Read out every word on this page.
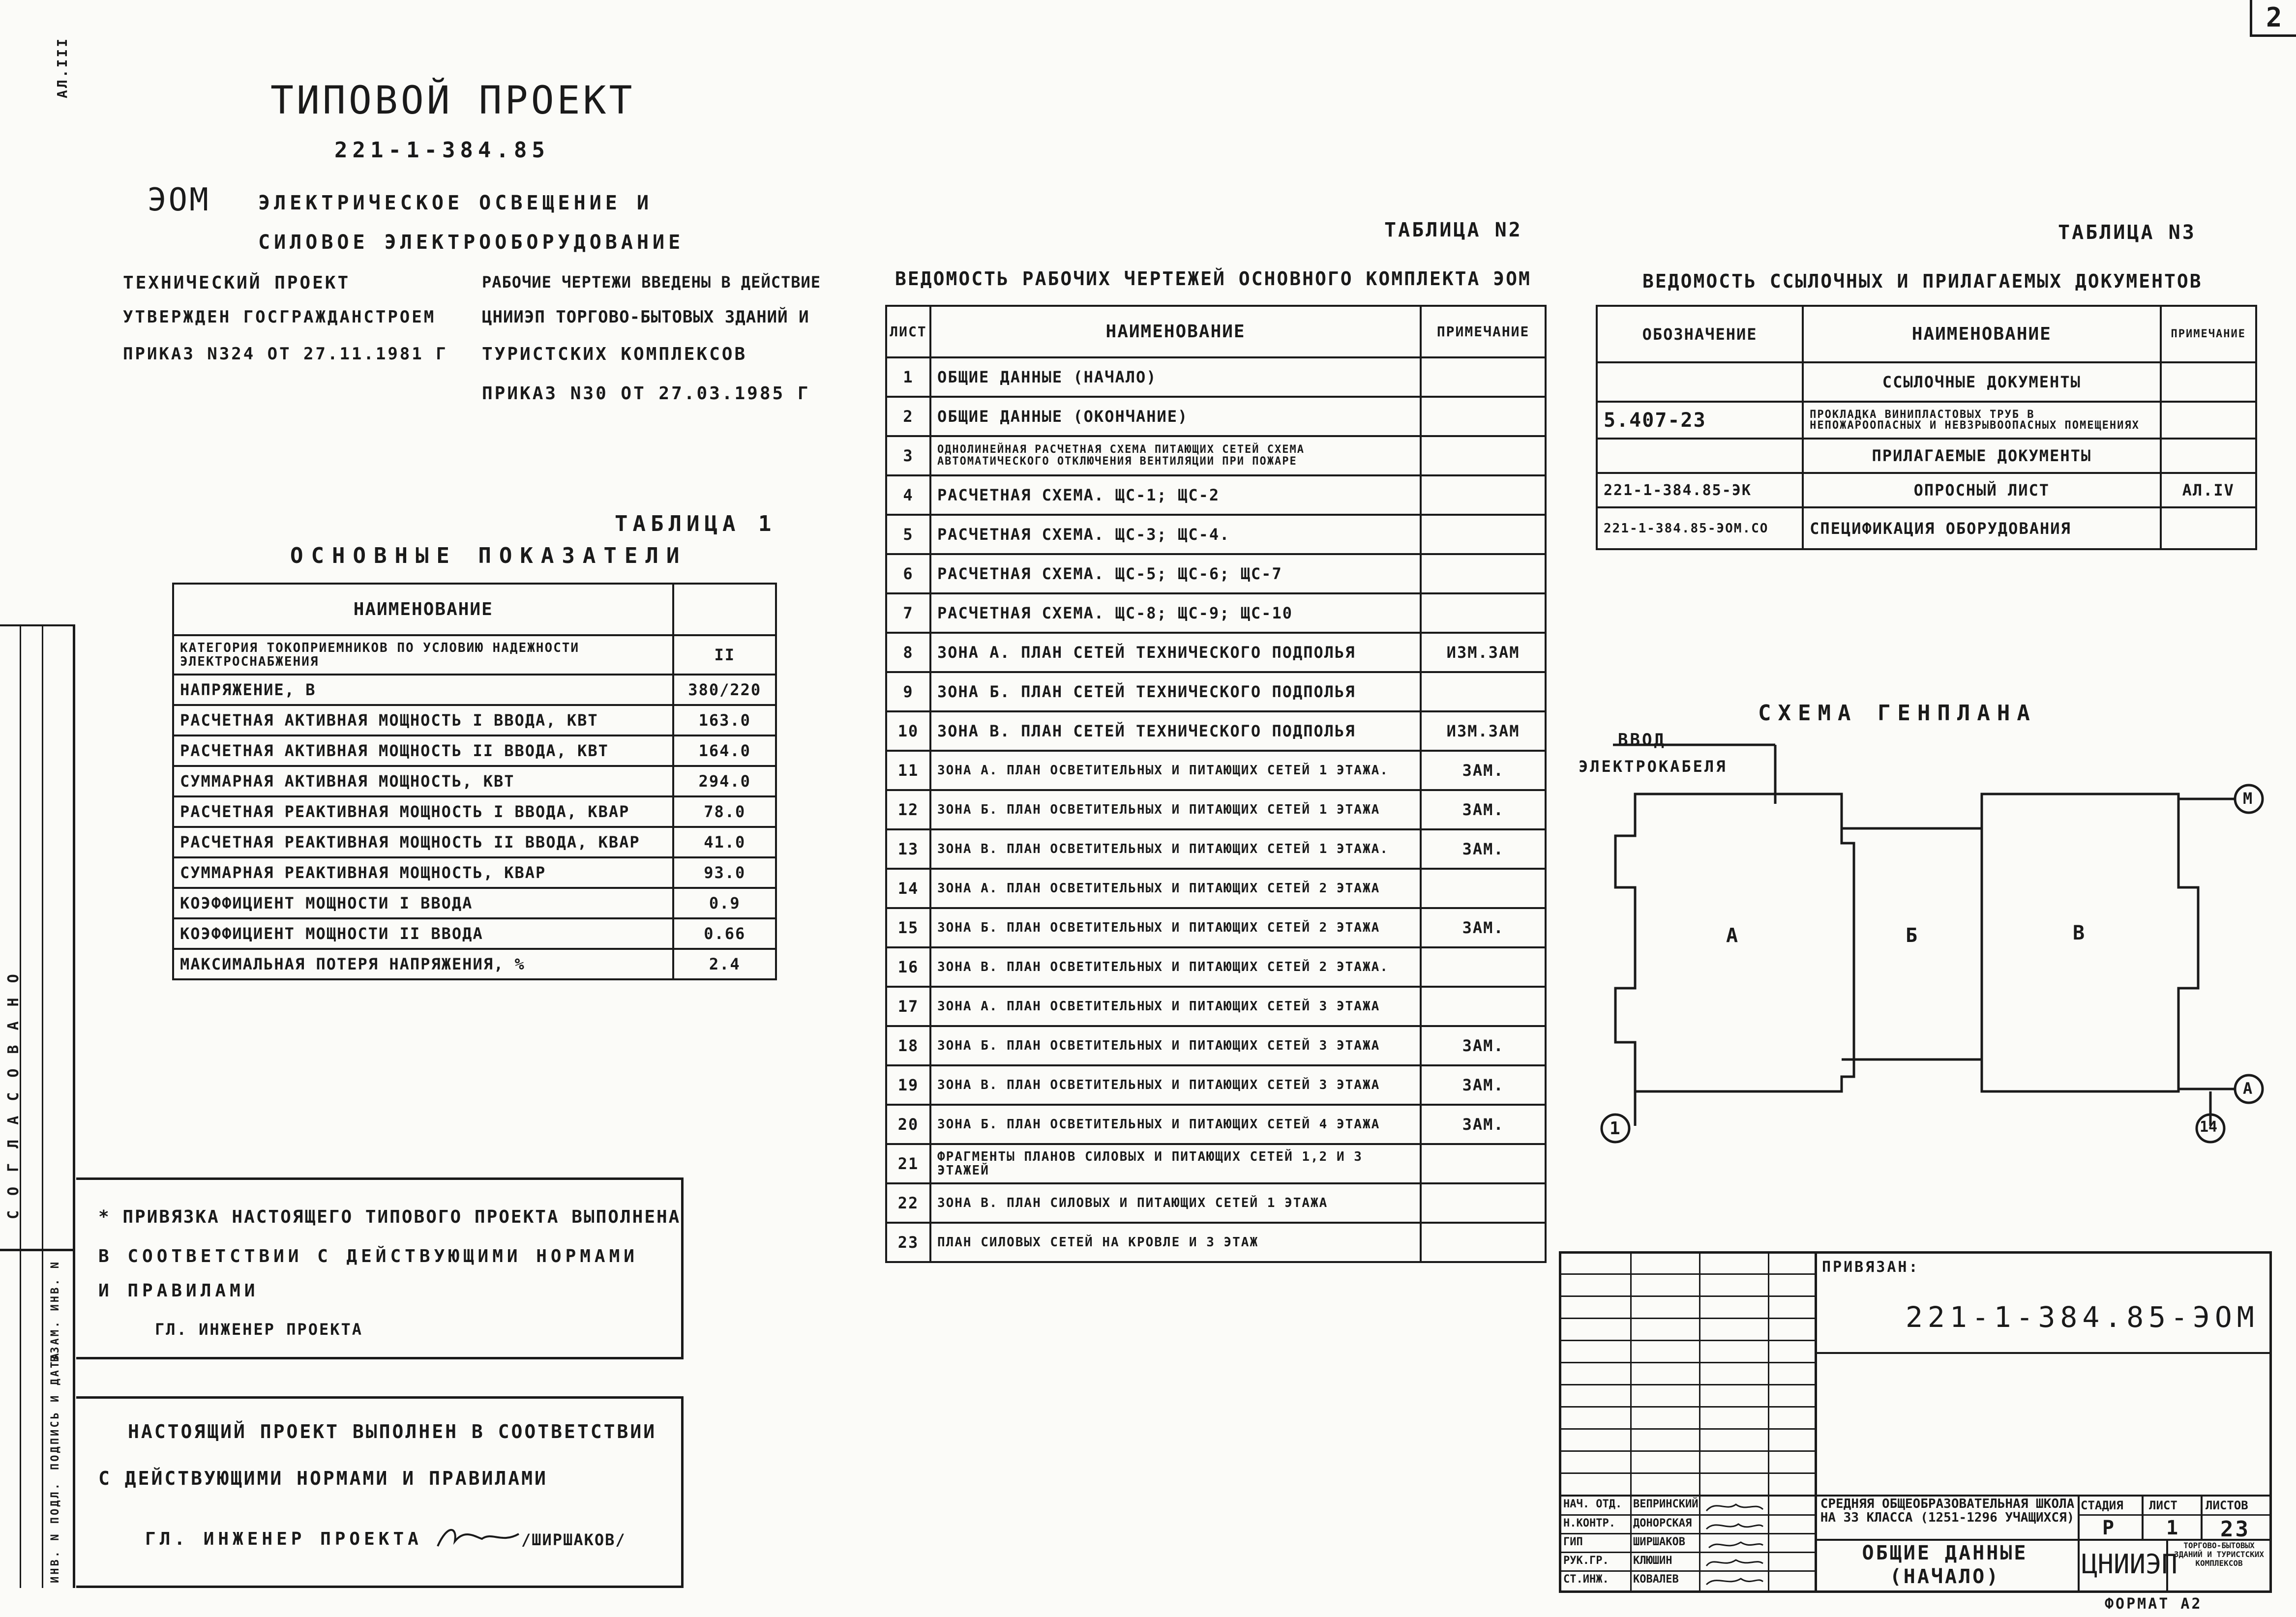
2
АЛ.III
СОГЛАСОВАНО
ИНВ. N ПОДЛ.
ПОДПИСЬ И ДАТА
ВЗАМ. ИНВ. N
ТИПОВОЙ ПРОЕКТ
221-1-384.85
ЭОМ ЭЛЕКТРИЧЕСКОЕ ОСВЕЩЕНИЕ И
СИЛОВОЕ ЭЛЕКТРООБОРУДОВАНИЕ
ТЕХНИЧЕСКИЙ ПРОЕКТ
УТВЕРЖДЕН ГОСГРАЖДАНСТРОЕМ
ПРИКАЗ N324 ОТ 27.11.1981 Г
РАБОЧИЕ ЧЕРТЕЖИ ВВЕДЕНЫ В ДЕЙСТВИЕ
ЦНИИЭП ТОРГОВО-БЫТОВЫХ ЗДАНИЙ И
ТУРИСТСКИХ КОМПЛЕКСОВ
ПРИКАЗ N30 ОТ 27.03.1985 Г
ТАБЛИЦА 1
ОСНОВНЫЕ ПОКАЗАТЕЛИ
НАИМЕНОВАНИЕ	
КАТЕГОРИЯ ТОКОПРИЕМНИКОВ ПО УСЛОВИЮ НАДЕЖНОСТИ ЭЛЕКТРОСНАБЖЕНИЯ	II
НАПРЯЖЕНИЕ, В	380/220
РАСЧЕТНАЯ АКТИВНАЯ МОЩНОСТЬ I ВВОДА, КВТ	163.0
РАСЧЕТНАЯ АКТИВНАЯ МОЩНОСТЬ II ВВОДА, КВТ	164.0
СУММАРНАЯ АКТИВНАЯ МОЩНОСТЬ, КВТ	294.0
РАСЧЕТНАЯ РЕАКТИВНАЯ МОЩНОСТЬ I ВВОДА, КВАР	78.0
РАСЧЕТНАЯ РЕАКТИВНАЯ МОЩНОСТЬ II ВВОДА, КВАР	41.0
СУММАРНАЯ РЕАКТИВНАЯ МОЩНОСТЬ, КВАР	93.0
КОЭФФИЦИЕНТ МОЩНОСТИ I ВВОДА	0.9
КОЭФФИЦИЕНТ МОЩНОСТИ II ВВОДА	0.66
МАКСИМАЛЬНАЯ ПОТЕРЯ НАПРЯЖЕНИЯ, %	2.4
ТАБЛИЦА N2
ВЕДОМОСТЬ РАБОЧИХ ЧЕРТЕЖЕЙ ОСНОВНОГО КОМПЛЕКТА ЭОМ
ЛИСТ	НАИМЕНОВАНИЕ	ПРИМЕЧАНИЕ
1	ОБЩИЕ ДАННЫЕ (НАЧАЛО)	
2	ОБЩИЕ ДАННЫЕ (ОКОНЧАНИЕ)	
3	ОДНОЛИНЕЙНАЯ РАСЧЕТНАЯ СХЕМА ПИТАЮЩИХ СЕТЕЙ СХЕМА АВТОМАТИЧЕСКОГО ОТКЛЮЧЕНИЯ ВЕНТИЛЯЦИИ ПРИ ПОЖАРЕ	
4	РАСЧЕТНАЯ СХЕМА. ЩС-1; ЩС-2	
5	РАСЧЕТНАЯ СХЕМА. ЩС-3; ЩС-4.	
6	РАСЧЕТНАЯ СХЕМА. ЩС-5; ЩС-6; ЩС-7	
7	РАСЧЕТНАЯ СХЕМА. ЩС-8; ЩС-9; ЩС-10	
8	ЗОНА А. ПЛАН СЕТЕЙ ТЕХНИЧЕСКОГО ПОДПОЛЬЯ	ИЗМ.ЗАМ
9	ЗОНА Б. ПЛАН СЕТЕЙ ТЕХНИЧЕСКОГО ПОДПОЛЬЯ	
10	ЗОНА В. ПЛАН СЕТЕЙ ТЕХНИЧЕСКОГО ПОДПОЛЬЯ	ИЗМ.ЗАМ
11	ЗОНА А. ПЛАН ОСВЕТИТЕЛЬНЫХ И ПИТАЮЩИХ СЕТЕЙ 1 ЭТАЖА.	ЗАМ.
12	ЗОНА Б. ПЛАН ОСВЕТИТЕЛЬНЫХ И ПИТАЮЩИХ СЕТЕЙ 1 ЭТАЖА	ЗАМ.
13	ЗОНА В. ПЛАН ОСВЕТИТЕЛЬНЫХ И ПИТАЮЩИХ СЕТЕЙ 1 ЭТАЖА.	ЗАМ.
14	ЗОНА А. ПЛАН ОСВЕТИТЕЛЬНЫХ И ПИТАЮЩИХ СЕТЕЙ 2 ЭТАЖА	
15	ЗОНА Б. ПЛАН ОСВЕТИТЕЛЬНЫХ И ПИТАЮЩИХ СЕТЕЙ 2 ЭТАЖА	ЗАМ.
16	ЗОНА В. ПЛАН ОСВЕТИТЕЛЬНЫХ И ПИТАЮЩИХ СЕТЕЙ 2 ЭТАЖА.	
17	ЗОНА А. ПЛАН ОСВЕТИТЕЛЬНЫХ И ПИТАЮЩИХ СЕТЕЙ 3 ЭТАЖА	
18	ЗОНА Б. ПЛАН ОСВЕТИТЕЛЬНЫХ И ПИТАЮЩИХ СЕТЕЙ 3 ЭТАЖА	ЗАМ.
19	ЗОНА В. ПЛАН ОСВЕТИТЕЛЬНЫХ И ПИТАЮЩИХ СЕТЕЙ 3 ЭТАЖА	ЗАМ.
20	ЗОНА Б. ПЛАН ОСВЕТИТЕЛЬНЫХ И ПИТАЮЩИХ СЕТЕЙ 4 ЭТАЖА	ЗАМ.
21	ФРАГМЕНТЫ ПЛАНОВ СИЛОВЫХ И ПИТАЮЩИХ СЕТЕЙ 1,2 И 3 ЭТАЖЕЙ	
22	ЗОНА В. ПЛАН СИЛОВЫХ И ПИТАЮЩИХ СЕТЕЙ 1 ЭТАЖА	
23	ПЛАН СИЛОВЫХ СЕТЕЙ НА КРОВЛЕ И 3 ЭТАЖ	
ТАБЛИЦА N3
ВЕДОМОСТЬ ССЫЛОЧНЫХ И ПРИЛАГАЕМЫХ ДОКУМЕНТОВ
ОБОЗНАЧЕНИЕ	НАИМЕНОВАНИЕ	ПРИМЕЧАНИЕ
	ССЫЛОЧНЫЕ ДОКУМЕНТЫ	
5.407-23	ПРОКЛАДКА ВИНИПЛАСТОВЫХ ТРУБ В НЕПОЖАРООПАСНЫХ И НЕВЗРЫВООПАСНЫХ ПОМЕЩЕНИЯХ	
	ПРИЛАГАЕМЫЕ ДОКУМЕНТЫ	
221-1-384.85-ЭК	ОПРОСНЫЙ ЛИСТ	АЛ.IV
221-1-384.85-ЭОМ.СО	СПЕЦИФИКАЦИЯ ОБОРУДОВАНИЯ	
СХЕМА ГЕНПЛАНА
ВВОД
ЭЛЕКТРОКАБЕЛЯ
А	Б	В
1	14
М
А
* ПРИВЯЗКА НАСТОЯЩЕГО ТИПОВОГО ПРОЕКТА ВЫПОЛНЕНА
В СООТВЕТСТВИИ С ДЕЙСТВУЮЩИМИ НОРМАМИ
И ПРАВИЛАМИ
ГЛ. ИНЖЕНЕР ПРОЕКТА
НАСТОЯЩИЙ ПРОЕКТ ВЫПОЛНЕН В СООТВЕТСТВИИ
С ДЕЙСТВУЮЩИМИ НОРМАМИ И ПРАВИЛАМИ
ГЛ. ИНЖЕНЕР ПРОЕКТА	/ШИРШАКОВ/
ПРИВЯЗАН:
221-1-384.85-ЭОМ
СРЕДНЯЯ ОБЩЕОБРАЗОВАТЕЛЬНАЯ ШКОЛА НА 33 КЛАССА (1251-1296 УЧАЩИХСЯ)
СТАДИЯ ЛИСТ ЛИСТОВ
Р	1 23
ОБЩИЕ ДАННЫЕ (НАЧАЛО)	ЦНИИЭП
ТОРГОВО-БЫТОВЫХ ЗДАНИЙ И ТУРИСТСКИХ КОМПЛЕКСОВ
НАЧ. ОТД. ВЕПРИНСКИЙ
Н.КОНТР. ДОНОРСКАЯ
ГИП	ШИРШАКОВ
РУК.ГР. КЛЮШИН
СТ.ИНЖ. КОВАЛЕВ
ФОРМАТ А2
